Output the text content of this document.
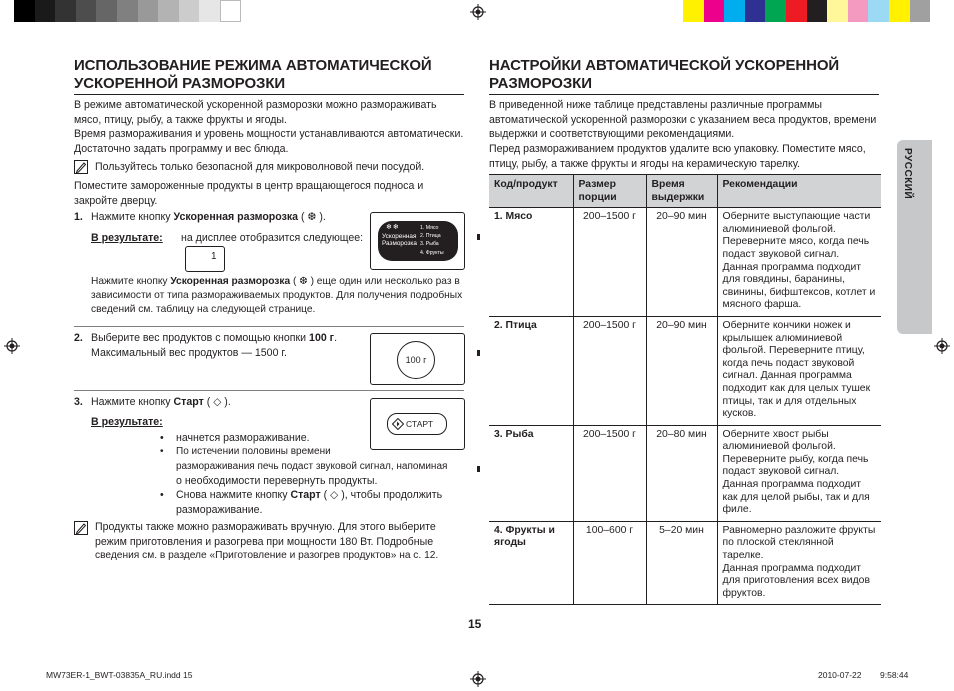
ИСПОЛЬЗОВАНИЕ РЕЖИМА АВТОМАТИЧЕСКОЙ
УСКОРЕННОЙ РАЗМОРОЗКИ
В режиме автоматической ускоренной разморозки можно размораживать мясо, птицу, рыбу, а также фрукты и ягоды.
Время размораживания и уровень мощности устанавливаются автоматически. Достаточно задать программу и вес блюда.
Пользуйтесь только безопасной для микроволновой печи посудой.
Поместите замороженные продукты в центр вращающегося подноса и закройте дверцу.
1. Нажмите кнопку Ускоренная разморозка ( ❆ ).
В результате: на дисплее отобразится следующее:
1
❄❄
Ускоренная
Разморозка
1. Мясо
2. Птица
3. Рыба
4. Фрукты
Нажмите кнопку Ускоренная разморозка ( ❆ ) еще один или несколько раз в зависимости от типа размораживаемых продуктов. Для получения подробных сведений см. таблицу на следующей странице.
2. Выберите вес продуктов с помощью кнопки 100 г.
Максимальный вес продуктов — 1500 г.
100 г
3. Нажмите кнопку Старт ( ◇ ).
СТАРТ
В результате:
• начнется размораживание.
• По истечении половины времени
размораживания печь подаст звуковой сигнал, напоминая
о необходимости перевернуть продукты.
• Снова нажмите кнопку Старт ( ◇ ), чтобы продолжить
размораживание.
Продукты также можно размораживать вручную. Для этого выберите
режим приготовления и разогрева при мощности 180 Вт. Подробные
сведения см. в разделе «Приготовление и разогрев продуктов» на с. 12.
НАСТРОЙКИ АВТОМАТИЧЕСКОЙ УСКОРЕННОЙ
РАЗМОРОЗКИ
В приведенной ниже таблице представлены различные программы автоматической ускоренной разморозки с указанием веса продуктов, времени выдержки и соответствующими рекомендациями.
Перед размораживанием продуктов удалите всю упаковку. Поместите мясо, птицу, рыбу, а также фрукты и ягоды на керамическую тарелку.
Код/продукт	Размер порции	Время выдержки	Рекомендации
1. Мясо	200–1500 г	20–90 мин	Оберните выступающие части алюминиевой фольгой. Переверните мясо, когда печь подаст звуковой сигнал.
Данная программа подходит для говядины, баранины, свинины, бифштексов, котлет и мясного фарша.

2. Птица	200–1500 г	20–90 мин	Оберните кончики ножек и крылышек алюминиевой фольгой. Переверните птицу, когда печь подаст звуковой сигнал. Данная программа подходит как для целых тушек птицы, так и для отдельных кусков.

3. Рыба	200–1500 г	20–80 мин	Оберните хвост рыбы алюминиевой фольгой. Переверните рыбу, когда печь подаст звуковой сигнал. Данная программа подходит как для целой рыбы, так и для филе.

4. Фрукты и ягоды	100–600 г	5–20 мин	Равномерно разложите фрукты по плоской стеклянной тарелке.
Данная программа подходит для приготовления всех видов фруктов.
РУССКИЙ
15
MW73ER-1_BWT-03835A_RU.indd 15	2010-07-22 9:58:44
